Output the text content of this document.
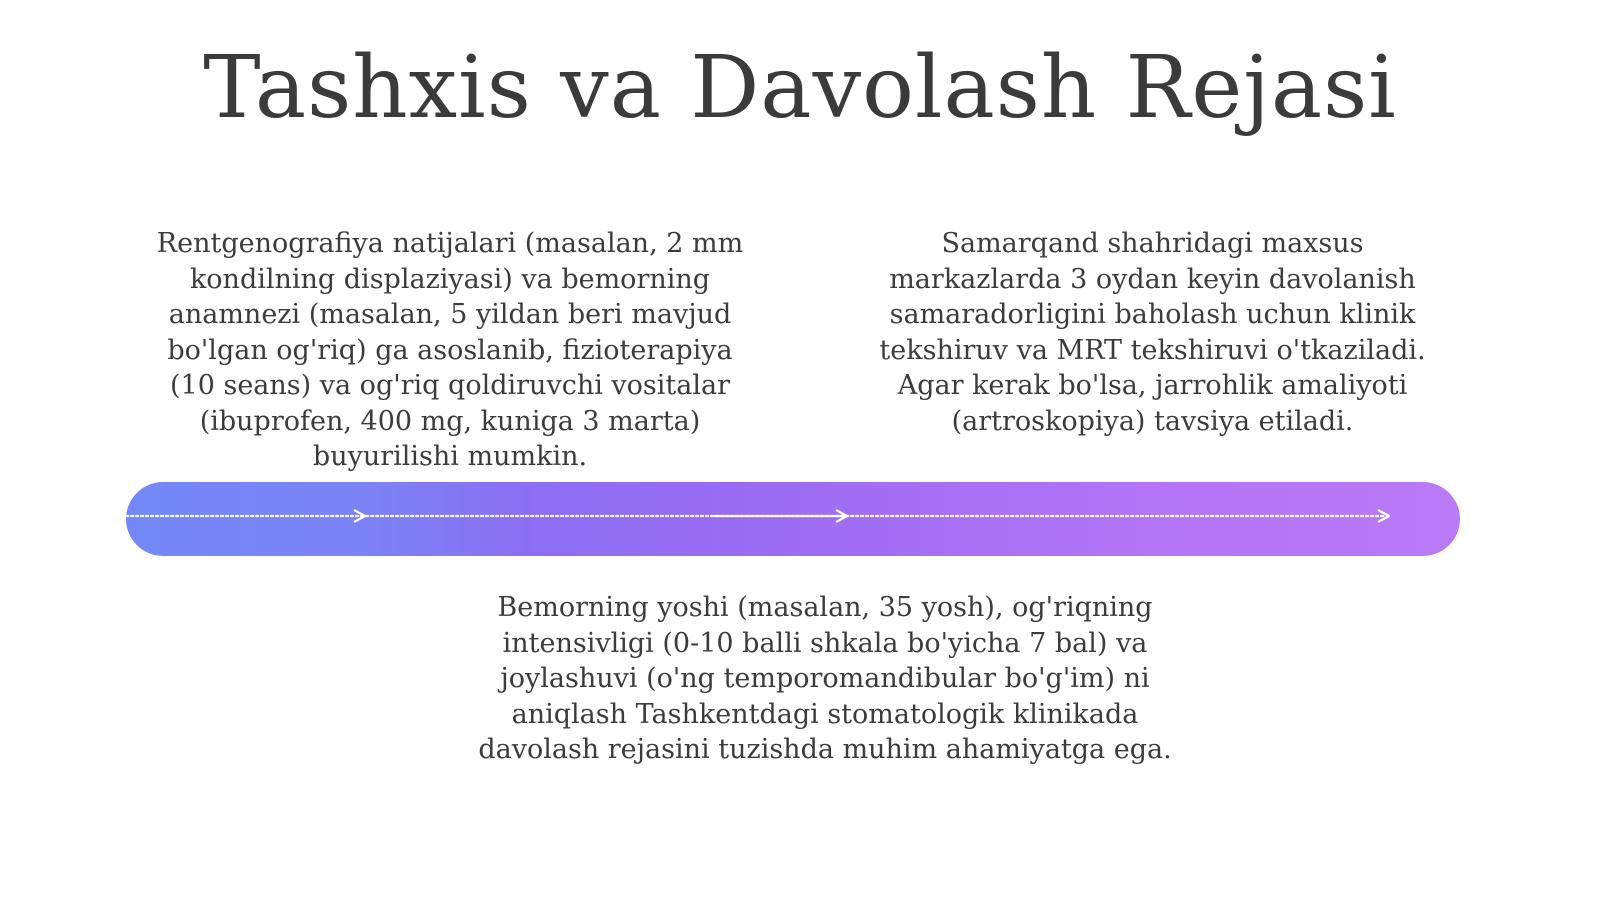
Tashxis va Davolash Rejasi
Rentgenografiya natijalari (masalan, 2 mm kondilning displaziyasi) va bemorning anamnezi (masalan, 5 yildan beri mavjud bo'lgan og'riq) ga asoslanib, fizioterapiya (10 seans) va og'riq qoldiruvchi vositalar (ibuprofen, 400 mg, kuniga 3 marta) buyurilishi mumkin.
Samarqand shahridagi maxsus markazlarda 3 oydan keyin davolanish samaradorligini baholash uchun klinik tekshiruv va MRT tekshiruvi o'tkaziladi. Agar kerak bo'lsa, jarrohlik amaliyoti (artroskopiya) tavsiya etiladi.
Bemorning yoshi (masalan, 35 yosh), og'riqning intensivligi (0-10 balli shkala bo'yicha 7 bal) va joylashuvi (o'ng temporomandibular bo'g'im) ni aniqlash Tashkentdagi stomatologik klinikada davolash rejasini tuzishda muhim ahamiyatga ega.
